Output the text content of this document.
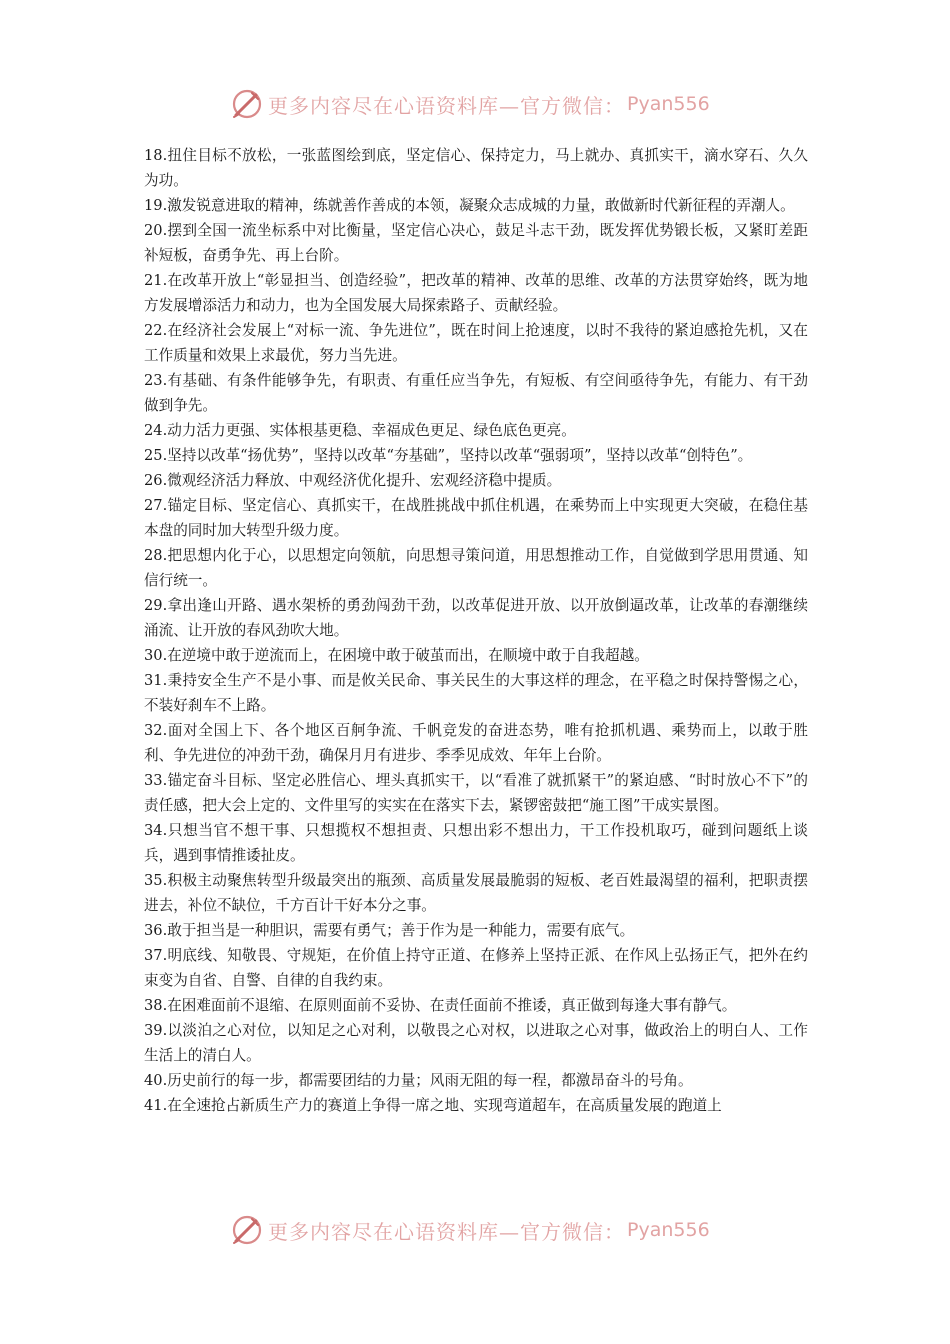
更多内容尽在心语资料库—官方微信： Pyan556

18.扭住目标不放松，一张蓝图绘到底，坚定信心、保持定力，马上就办、真抓实干，滴水穿石、久久为功。

19.激发锐意进取的精神，练就善作善成的本领，凝聚众志成城的力量，敢做新时代新征程的弄潮人。

20.摆到全国一流坐标系中对比衡量，坚定信心决心，鼓足斗志干劲，既发挥优势锻长板，又紧盯差距补短板，奋勇争先、再上台阶。

21.在改革开放上“彰显担当、创造经验”，把改革的精神、改革的思维、改革的方法贯穿始终，既为地方发展增添活力和动力，也为全国发展大局探索路子、贡献经验。

22.在经济社会发展上“对标一流、争先进位”，既在时间上抢速度，以时不我待的紧迫感抢先机，又在工作质量和效果上求最优，努力当先进。

23.有基础、有条件能够争先，有职责、有重任应当争先，有短板、有空间亟待争先，有能力、有干劲做到争先。

24.动力活力更强、实体根基更稳、幸福成色更足、绿色底色更亮。

25.坚持以改革“扬优势”，坚持以改革“夯基础”，坚持以改革“强弱项”，坚持以改革“创特色”。

26.微观经济活力释放、中观经济优化提升、宏观经济稳中提质。

27.锚定目标、坚定信心、真抓实干，在战胜挑战中抓住机遇，在乘势而上中实现更大突破，在稳住基本盘的同时加大转型升级力度。

28.把思想内化于心，以思想定向领航，向思想寻策问道，用思想推动工作，自觉做到学思用贯通、知信行统一。

29.拿出逢山开路、遇水架桥的勇劲闯劲干劲，以改革促进开放、以开放倒逼改革，让改革的春潮继续涌流、让开放的春风劲吹大地。

30.在逆境中敢于逆流而上，在困境中敢于破茧而出，在顺境中敢于自我超越。

31.秉持安全生产不是小事、而是攸关民命、事关民生的大事这样的理念，在平稳之时保持警惕之心，不装好刹车不上路。

32.面对全国上下、各个地区百舸争流、千帆竞发的奋进态势，唯有抢抓机遇、乘势而上，以敢于胜利、争先进位的冲劲干劲，确保月月有进步、季季见成效、年年上台阶。

33.锚定奋斗目标、坚定必胜信心、埋头真抓实干，以“看准了就抓紧干”的紧迫感、“时时放心不下”的责任感，把大会上定的、文件里写的实实在在落实下去，紧锣密鼓把“施工图”干成实景图。

34.只想当官不想干事、只想揽权不想担责、只想出彩不想出力，干工作投机取巧，碰到问题纸上谈兵，遇到事情推诿扯皮。

35.积极主动聚焦转型升级最突出的瓶颈、高质量发展最脆弱的短板、老百姓最渴望的福利，把职责摆进去，补位不缺位，千方百计干好本分之事。

36.敢于担当是一种胆识，需要有勇气；善于作为是一种能力，需要有底气。

37.明底线、知敬畏、守规矩，在价值上持守正道、在修养上坚持正派、在作风上弘扬正气，把外在约束变为自省、自警、自律的自我约束。

38.在困难面前不退缩、在原则面前不妥协、在责任面前不推诿，真正做到每逢大事有静气。

39.以淡泊之心对位，以知足之心对利，以敬畏之心对权，以进取之心对事，做政治上的明白人、工作生活上的清白人。

40.历史前行的每一步，都需要团结的力量；风雨无阻的每一程，都激昂奋斗的号角。

41.在全速抢占新质生产力的赛道上争得一席之地、实现弯道超车，在高质量发展的跑道上

更多内容尽在心语资料库—官方微信： Pyan556
